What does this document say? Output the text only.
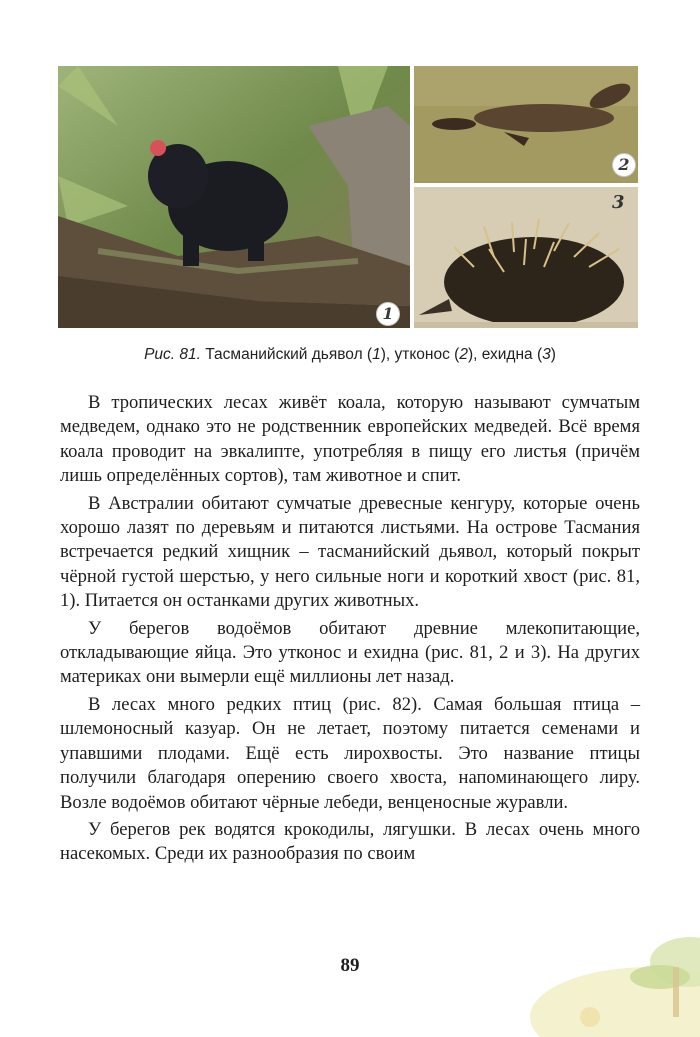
1
2
3
Рис. 81. Тасманийский дьявол (1), утконос (2), ехидна (3)

В тропических лесах живёт коала, которую называют сумчатым медведем, однако это не родственник европейских медведей. Всё время коала проводит на эвкалипте, употребляя в пищу его листья (причём лишь определённых сортов), там животное и спит.

В Австралии обитают сумчатые древесные кенгуру, которые очень хорошо лазят по деревьям и питаются листьями. На острове Тасмания встречается редкий хищник – тасманийский дьявол, который покрыт чёрной густой шерстью, у него сильные ноги и короткий хвост (рис. 81, 1). Питается он останками других животных.

У берегов водоёмов обитают древние млекопитающие, откладывающие яйца. Это утконос и ехидна (рис. 81, 2 и 3). На других материках они вымерли ещё миллионы лет назад.

В лесах много редких птиц (рис. 82). Самая большая птица – шлемоносный казуар. Он не летает, поэтому питается семенами и упавшими плодами. Ещё есть лирохвосты. Это название птицы получили благодаря оперению своего хвоста, напоминающего лиру. Возле водоёмов обитают чёрные лебеди, венценосные журавли.

У берегов рек водятся крокодилы, лягушки. В лесах очень много насекомых. Среди их разнообразия по своим

89
